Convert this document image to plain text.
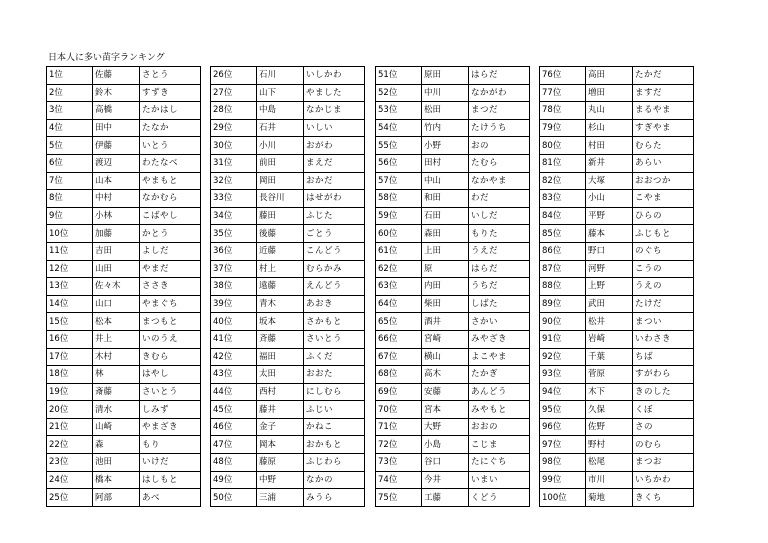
日本人に多い苗字ランキング
1位	佐藤	さとう
2位	鈴木	すずき
3位	高橋	たかはし
4位	田中	たなか
5位	伊藤	いとう
6位	渡辺	わたなべ
7位	山本	やまもと
8位	中村	なかむら
9位	小林	こばやし
10位	加藤	かとう
11位	吉田	よしだ
12位	山田	やまだ
13位	佐々木	ささき
14位	山口	やまぐち
15位	松本	まつもと
16位	井上	いのうえ
17位	木村	きむら
18位	林	はやし
19位	斎藤	さいとう
20位	清水	しみず
21位	山崎	やまざき
22位	森	もり
23位	池田	いけだ
24位	橋本	はしもと
25位	阿部	あべ
26位	石川	いしかわ
27位	山下	やました
28位	中島	なかじま
29位	石井	いしい
30位	小川	おがわ
31位	前田	まえだ
32位	岡田	おかだ
33位	長谷川	はせがわ
34位	藤田	ふじた
35位	後藤	ごとう
36位	近藤	こんどう
37位	村上	むらかみ
38位	遠藤	えんどう
39位	青木	あおき
40位	坂本	さかもと
41位	斉藤	さいとう
42位	福田	ふくだ
43位	太田	おおた
44位	西村	にしむら
45位	藤井	ふじい
46位	金子	かねこ
47位	岡本	おかもと
48位	藤原	ふじわら
49位	中野	なかの
50位	三浦	みうら
51位	原田	はらだ
52位	中川	なかがわ
53位	松田	まつだ
54位	竹内	たけうち
55位	小野	おの
56位	田村	たむら
57位	中山	なかやま
58位	和田	わだ
59位	石田	いしだ
60位	森田	もりた
61位	上田	うえだ
62位	原	はらだ
63位	内田	うちだ
64位	柴田	しばた
65位	酒井	さかい
66位	宮崎	みやざき
67位	横山	よこやま
68位	高木	たかぎ
69位	安藤	あんどう
70位	宮本	みやもと
71位	大野	おおの
72位	小島	こじま
73位	谷口	たにぐち
74位	今井	いまい
75位	工藤	くどう
76位	高田	たかだ
77位	増田	ますだ
78位	丸山	まるやま
79位	杉山	すぎやま
80位	村田	むらた
81位	新井	あらい
82位	大塚	おおつか
83位	小山	こやま
84位	平野	ひらの
85位	藤本	ふじもと
86位	野口	のぐち
87位	河野	こうの
88位	上野	うえの
89位	武田	たけだ
90位	松井	まつい
91位	岩崎	いわさき
92位	千葉	ちば
93位	菅原	すがわら
94位	木下	きのした
95位	久保	くぼ
96位	佐野	さの
97位	野村	のむら
98位	松尾	まつお
99位	市川	いちかわ
100位	菊地	きくち
